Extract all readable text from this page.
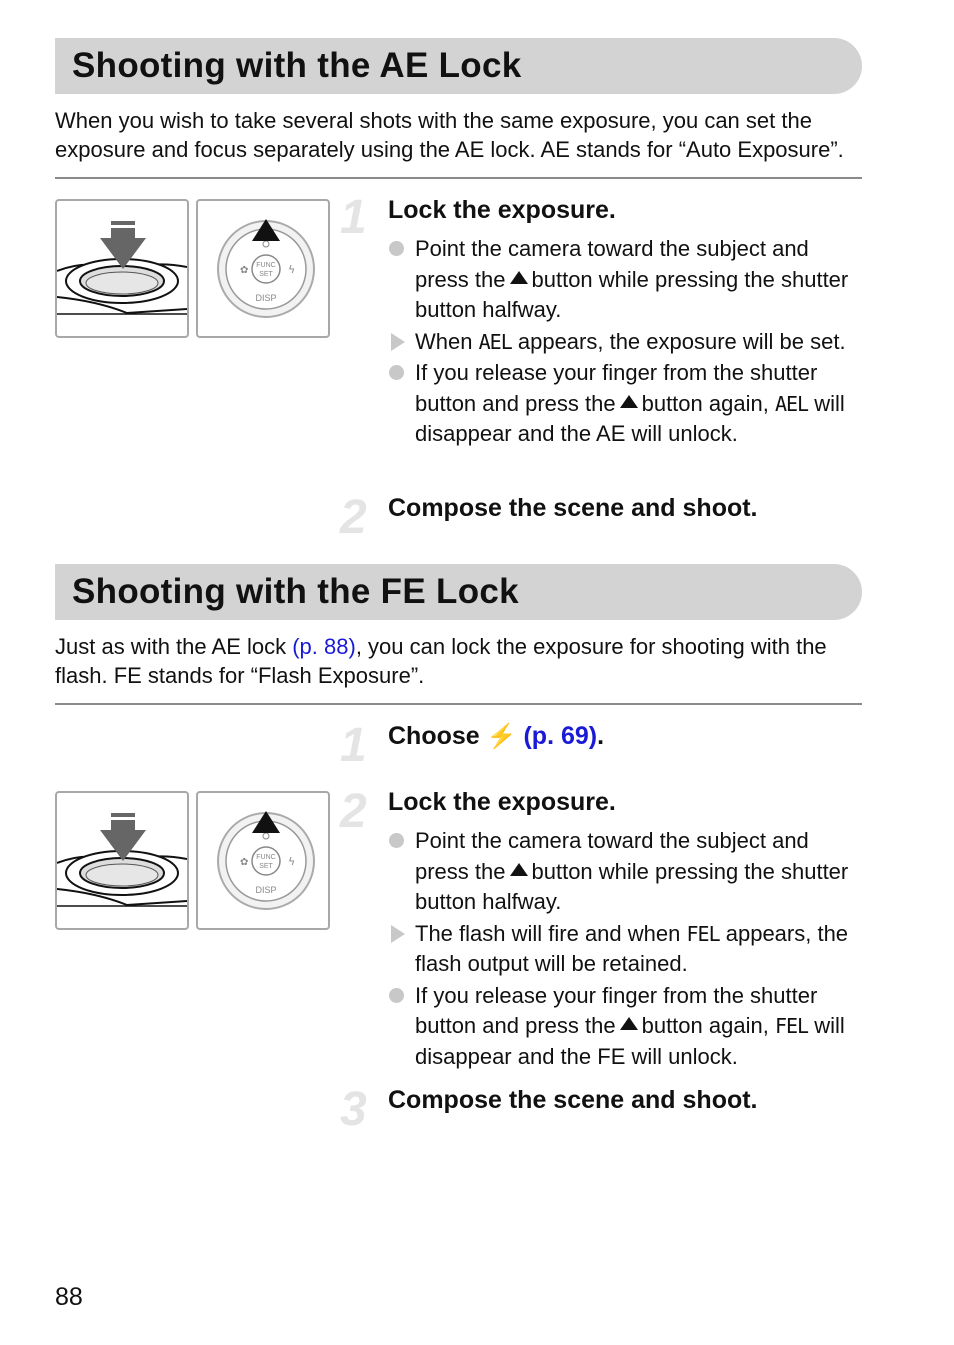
Shooting with the AE Lock

When you wish to take several shots with the same exposure, you can set the exposure and focus separately using the AE lock. AE stands for “Auto Exposure”.

FUNC
SET
DISP
✿	ϟ
1 Lock the exposure.
Point the camera toward the subject and press the button while pressing the shutter button halfway.
When AEL appears, the exposure will be set.
If you release your finger from the shutter button and press the button again, AEL will disappear and the AE will unlock.
2 Compose the scene and shoot.
Shooting with the FE Lock

Just as with the AE lock (p. 88), you can lock the exposure for shooting with the flash. FE stands for “Flash Exposure”.

1 Choose ⚡ (p. 69).
FUNC
SET
DISP
✿	ϟ
2 Lock the exposure.
Point the camera toward the subject and press the button while pressing the shutter button halfway.
The flash will fire and when FEL appears, the flash output will be retained.
If you release your finger from the shutter button and press the button again, FEL will disappear and the FE will unlock.
3 Compose the scene and shoot.

88
